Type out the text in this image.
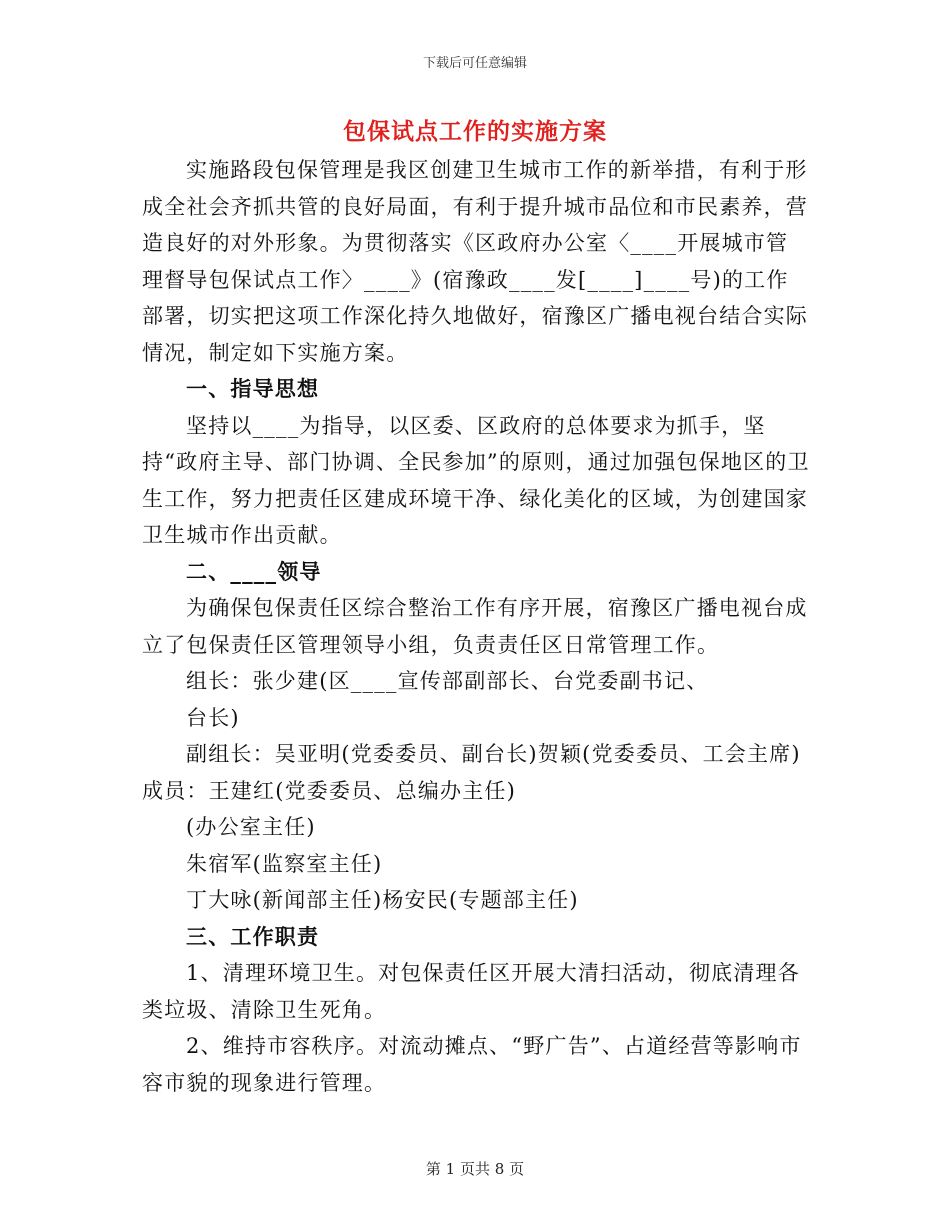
下载后可任意编辑
包保试点工作的实施方案

实施路段包保管理是我区创建卫生城市工作的新举措，有利于形成全社会齐抓共管的良好局面，有利于提升城市品位和市民素养，营造良好的对外形象。为贯彻落实《区政府办公室〈____开展城市管理督导包保试点工作〉____》(宿豫政____发[____]____号)的工作部署，切实把这项工作深化持久地做好，宿豫区广播电视台结合实际情况，制定如下实施方案。

一、指导思想

坚持以____为指导，以区委、区政府的总体要求为抓手，坚持“政府主导、部门协调、全民参加”的原则，通过加强包保地区的卫生工作，努力把责任区建成环境干净、绿化美化的区域，为创建国家卫生城市作出贡献。

二、____领导

为确保包保责任区综合整治工作有序开展，宿豫区广播电视台成立了包保责任区管理领导小组，负责责任区日常管理工作。

组长：张少建(区____宣传部副部长、台党委副书记、

台长)

副组长：吴亚明(党委委员、副台长)贺颖(党委委员、工会主席)

成员：王建红(党委委员、总编办主任)

(办公室主任)

朱宿军(监察室主任)

丁大咏(新闻部主任)杨安民(专题部主任)

三、工作职责

1、清理环境卫生。对包保责任区开展大清扫活动，彻底清理各类垃圾、清除卫生死角。

2、维持市容秩序。对流动摊点、“野广告”、占道经营等影响市容市貌的现象进行管理。

第 1 页共 8 页
